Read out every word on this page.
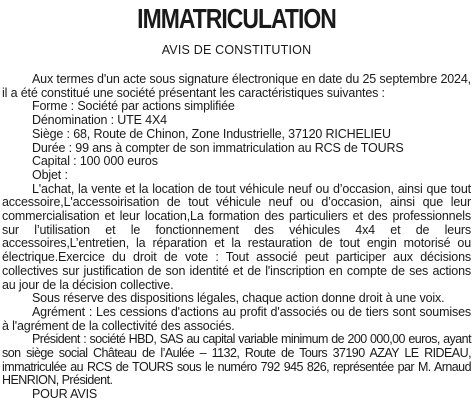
IMMATRICULATION
AVIS DE CONSTITUTION

Aux termes d'un acte sous signature électronique en date du 25 septembre 2024, il a été constitué une société présentant les caractéristiques suivantes :

Forme : Société par actions simplifiée

Dénomination : UTE 4X4

Siège : 68, Route de Chinon, Zone Industrielle, 37120 RICHELIEU

Durée : 99 ans à compter de son immatriculation au RCS de TOURS

Capital : 100 000 euros

Objet :

L'achat, la vente et la location de tout véhicule neuf ou d’occasion, ainsi que tout accessoire,L'accessoirisation de tout véhicule neuf ou d’occasion, ainsi que leur commercialisation et leur location,La formation des particuliers et des professionnels sur l’utilisation et le fonctionnement des véhicules 4x4 et de leurs accessoires,L’entretien, la réparation et la restauration de tout engin motorisé ou électrique.Exercice du droit de vote : Tout associé peut participer aux décisions collectives sur justification de son identité et de l'inscription en compte de ses actions au jour de la décision collective.

Sous réserve des dispositions légales, chaque action donne droit à une voix.

Agrément : Les cessions d'actions au profit d'associés ou de tiers sont soumises à l'agrément de la collectivité des associés.

Président : société HBD, SAS au capital variable minimum de 200 000,00 euros, ayant son siège social Château de l’Aulée – 1132, Route de Tours 37190 AZAY LE RIDEAU, immatriculée au RCS de TOURS sous le numéro 792 945 826, représentée par M. Arnaud HENRION, Président.

POUR AVIS
